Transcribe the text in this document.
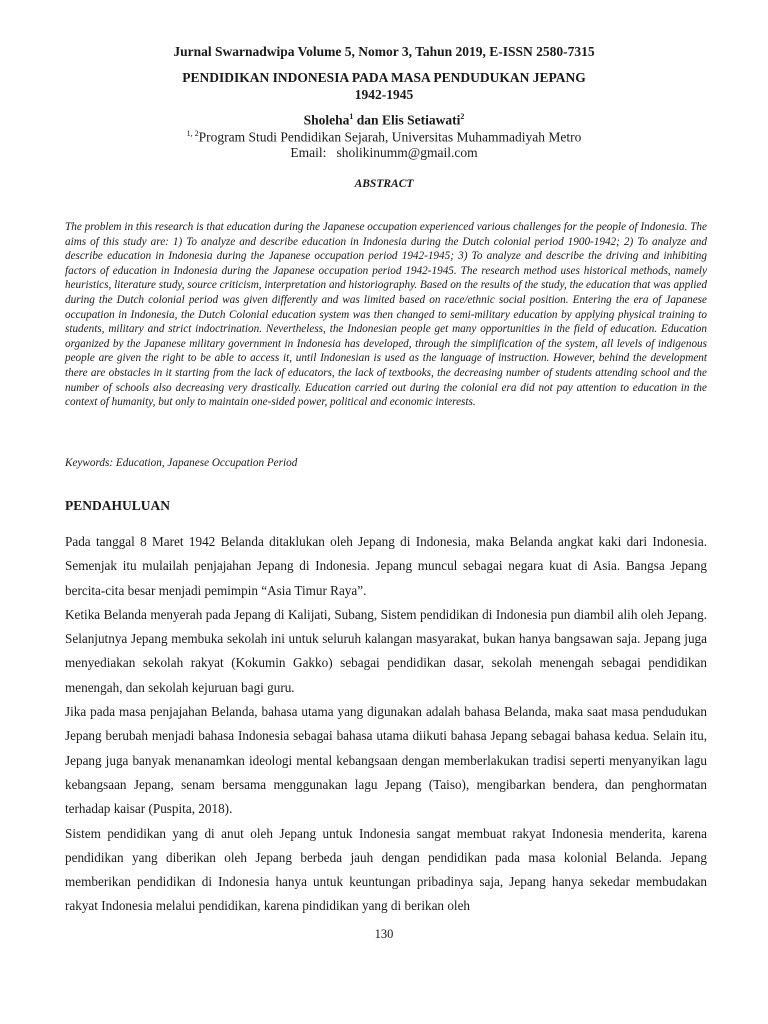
Jurnal Swarnadwipa Volume 5, Nomor 3, Tahun 2019, E-ISSN 2580-7315
PENDIDIKAN INDONESIA PADA MASA PENDUDUKAN JEPANG
1942-1945
Sholeha$^1$ dan Elis Setiawati$^2$
$^{1, 2}$Program Studi Pendidikan Sejarah, Universitas Muhammadiyah Metro
Email: sholikinumm@gmail.com
ABSTRACT

The problem in this research is that education during the Japanese occupation experienced various challenges for the people of Indonesia. The aims of this study are: 1) To analyze and describe education in Indonesia during the Dutch colonial period 1900-1942; 2) To analyze and describe education in Indonesia during the Japanese occupation period 1942-1945; 3) To analyze and describe the driving and inhibiting factors of education in Indonesia during the Japanese occupation period 1942-1945. The research method uses historical methods, namely heuristics, literature study, source criticism, interpretation and historiography. Based on the results of the study, the education that was applied during the Dutch colonial period was given differently and was limited based on race/ethnic social position. Entering the era of Japanese occupation in Indonesia, the Dutch Colonial education system was then changed to semi-military education by applying physical training to students, military and strict indoctrination. Nevertheless, the Indonesian people get many opportunities in the field of education. Education organized by the Japanese military government in Indonesia has developed, through the simplification of the system, all levels of indigenous people are given the right to be able to access it, until Indonesian is used as the language of instruction. However, behind the development there are obstacles in it starting from the lack of educators, the lack of textbooks, the decreasing number of students attending school and the number of schools also decreasing very drastically. Education carried out during the colonial era did not pay attention to education in the context of humanity, but only to maintain one-sided power, political and economic interests.

Keywords: Education, Japanese Occupation Period

PENDAHULUAN

Pada tanggal 8 Maret 1942 Belanda ditaklukan oleh Jepang di Indonesia, maka Belanda angkat kaki dari Indonesia. Semenjak itu mulailah penjajahan Jepang di Indonesia. Jepang muncul sebagai negara kuat di Asia. Bangsa Jepang bercita-cita besar menjadi pemimpin “Asia Timur Raya”.

Ketika Belanda menyerah pada Jepang di Kalijati, Subang, Sistem pendidikan di Indonesia pun diambil alih oleh Jepang. Selanjutnya Jepang membuka sekolah ini untuk seluruh kalangan masyarakat, bukan hanya bangsawan saja. Jepang juga menyediakan sekolah rakyat (Kokumin Gakko) sebagai pendidikan dasar, sekolah menengah sebagai pendidikan menengah, dan sekolah kejuruan bagi guru.

Jika pada masa penjajahan Belanda, bahasa utama yang digunakan adalah bahasa Belanda, maka saat masa pendudukan Jepang berubah menjadi bahasa Indonesia sebagai bahasa utama diikuti bahasa Jepang sebagai bahasa kedua. Selain itu, Jepang juga banyak menanamkan ideologi mental kebangsaan dengan memberlakukan tradisi seperti menyanyikan lagu kebangsaan Jepang, senam bersama menggunakan lagu Jepang (Taiso), mengibarkan bendera, dan penghormatan terhadap kaisar (Puspita, 2018).

Sistem pendidikan yang di anut oleh Jepang untuk Indonesia sangat membuat rakyat Indonesia menderita, karena pendidikan yang diberikan oleh Jepang berbeda jauh dengan pendidikan pada masa kolonial Belanda. Jepang memberikan pendidikan di Indonesia hanya untuk keuntungan pribadinya saja, Jepang hanya sekedar membudakan rakyat Indonesia melalui pendidikan, karena pindidikan yang di berikan oleh

130
